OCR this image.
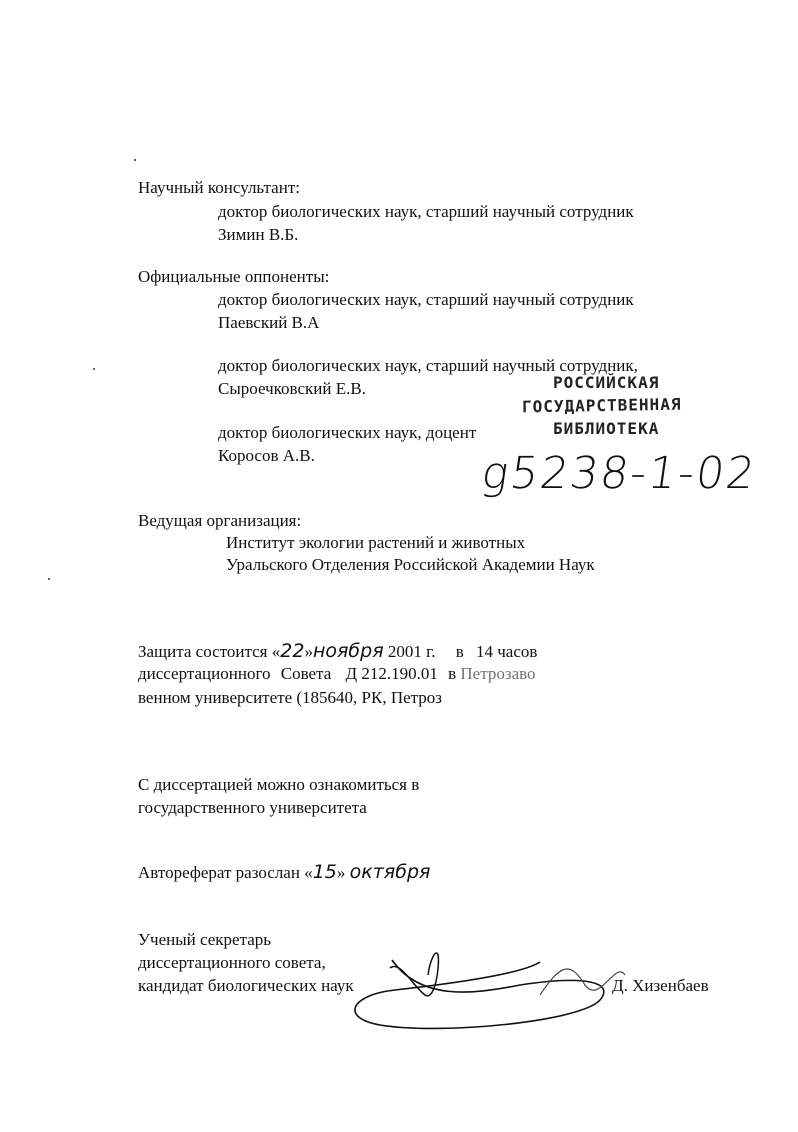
Научный консультант:
доктор биологических наук, старший научный сотрудник
Зимин В.Б.
Официальные оппоненты:
доктор биологических наук, старший научный сотрудник
Паевский В.А
доктор биологических наук, старший научный сотрудник,
Сыроечковский Е.В.
доктор биологических наук, доцент
Коросов А.В.
РОССИЙСКАЯ
ГОСУДАРСТВЕННАЯ
БИБЛИОТЕКА
g5238-1-02
Ведущая организация:
Институт экологии растений и животных
Уральского Отделения Российской Академии Наук
Защита состоится «22»ноября 2001 г. в 14 часов
диссертационного Совета Д 212.190.01 в Петрозаво
венном университете (185640, РК, Петроз
С диссертацией можно ознакомиться в
государственного университета
Автореферат разослан «15» октября
Ученый секретарь
диссертационного совета,
кандидат биологических наук	Д. Хизенбаев
